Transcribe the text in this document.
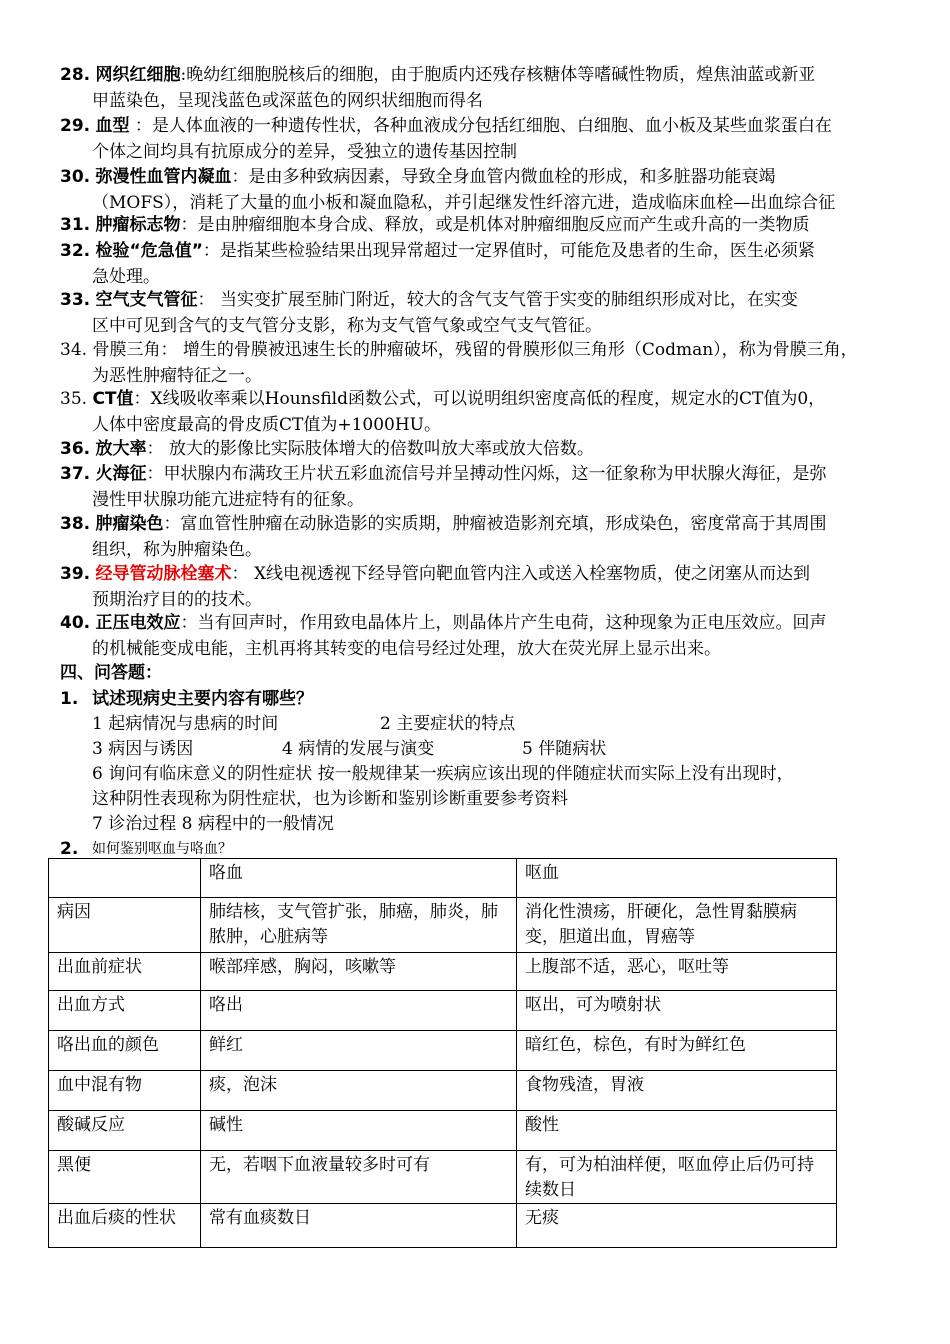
28. 网织红细胞:晚幼红细胞脱核后的细胞，由于胞质内还残存核糖体等嗜碱性物质，煌焦油蓝或新亚
甲蓝染色，呈现浅蓝色或深蓝色的网织状细胞而得名
29. 血型 ：是人体血液的一种遗传性状，各种血液成分包括红细胞、白细胞、血小板及某些血浆蛋白在
个体之间均具有抗原成分的差异，受独立的遗传基因控制
30. 弥漫性血管内凝血：是由多种致病因素，导致全身血管内微血栓的形成，和多脏器功能衰竭
（MOFS），消耗了大量的血小板和凝血隐私，并引起继发性纤溶亢进，造成临床血栓—出血综合征
31. 肿瘤标志物：是由肿瘤细胞本身合成、释放，或是机体对肿瘤细胞反应而产生或升高的一类物质
32. 检验“危急值”：是指某些检验结果出现异常超过一定界值时，可能危及患者的生命，医生必须紧
急处理。
33. 空气支气管征： 当实变扩展至肺门附近，较大的含气支气管于实变的肺组织形成对比，在实变
区中可见到含气的支气管分支影，称为支气管气象或空气支气管征。
34. 骨膜三角： 增生的骨膜被迅速生长的肿瘤破坏，残留的骨膜形似三角形（Codman），称为骨膜三角，
为恶性肿瘤特征之一。
35. CT值：X线吸收率乘以Hounsfild函数公式，可以说明组织密度高低的程度，规定水的CT值为0，
人体中密度最高的骨皮质CT值为+1000HU。
36. 放大率： 放大的影像比实际肢体增大的倍数叫放大率或放大倍数。
37. 火海征：甲状腺内布满玫王片状五彩血流信号并呈搏动性闪烁，这一征象称为甲状腺火海征，是弥
漫性甲状腺功能亢进症特有的征象。
38. 肿瘤染色：富血管性肿瘤在动脉造影的实质期，肿瘤被造影剂充填，形成染色，密度常高于其周围
组织，称为肿瘤染色。
39. 经导管动脉栓塞术： X线电视透视下经导管向靶血管内注入或送入栓塞物质，使之闭塞从而达到
预期治疗目的的技术。
40. 正压电效应：当有回声时，作用致电晶体片上，则晶体片产生电荷，这种现象为正电压效应。回声
的机械能变成电能，主机再将其转变的电信号经过处理，放大在荧光屏上显示出来。
四、问答题：
1. 试述现病史主要内容有哪些？
1 起病情况与患病的时间	2 主要症状的特点
3 病因与诱因	4 病情的发展与演变	5 伴随病状
6 询问有临床意义的阴性症状 按一般规律某一疾病应该出现的伴随症状而实际上没有出现时，
这种阴性表现称为阴性症状，也为诊断和鉴别诊断重要参考资料
7 诊治过程 8 病程中的一般情况
2. 如何鉴别呕血与咯血？
	咯血	呕血
病因	肺结核，支气管扩张，肺癌，肺炎，肺脓肿，心脏病等	消化性溃疡，肝硬化，急性胃黏膜病变，胆道出血，胃癌等
出血前症状	喉部痒感，胸闷，咳嗽等	上腹部不适，恶心，呕吐等
出血方式	咯出	呕出，可为喷射状
咯出血的颜色	鲜红	暗红色，棕色，有时为鲜红色
血中混有物	痰，泡沫	食物残渣，胃液
酸碱反应	碱性	酸性
黑便	无，若咽下血液量较多时可有	有，可为柏油样便，呕血停止后仍可持续数日
出血后痰的性状	常有血痰数日	无痰
